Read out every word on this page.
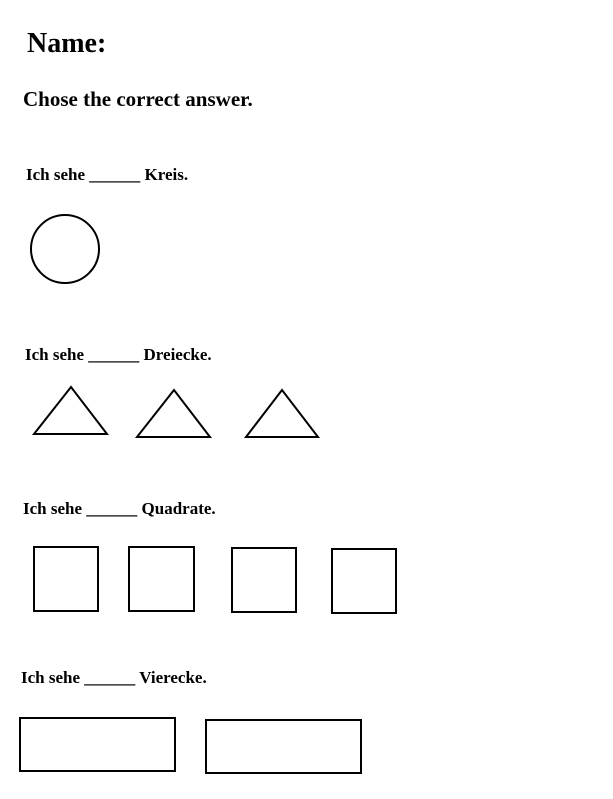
Name:
Chose the correct answer.
Ich sehe ______ Kreis.
Ich sehe ______ Dreiecke.
Ich sehe ______ Quadrate.
Ich sehe ______ Vierecke.
